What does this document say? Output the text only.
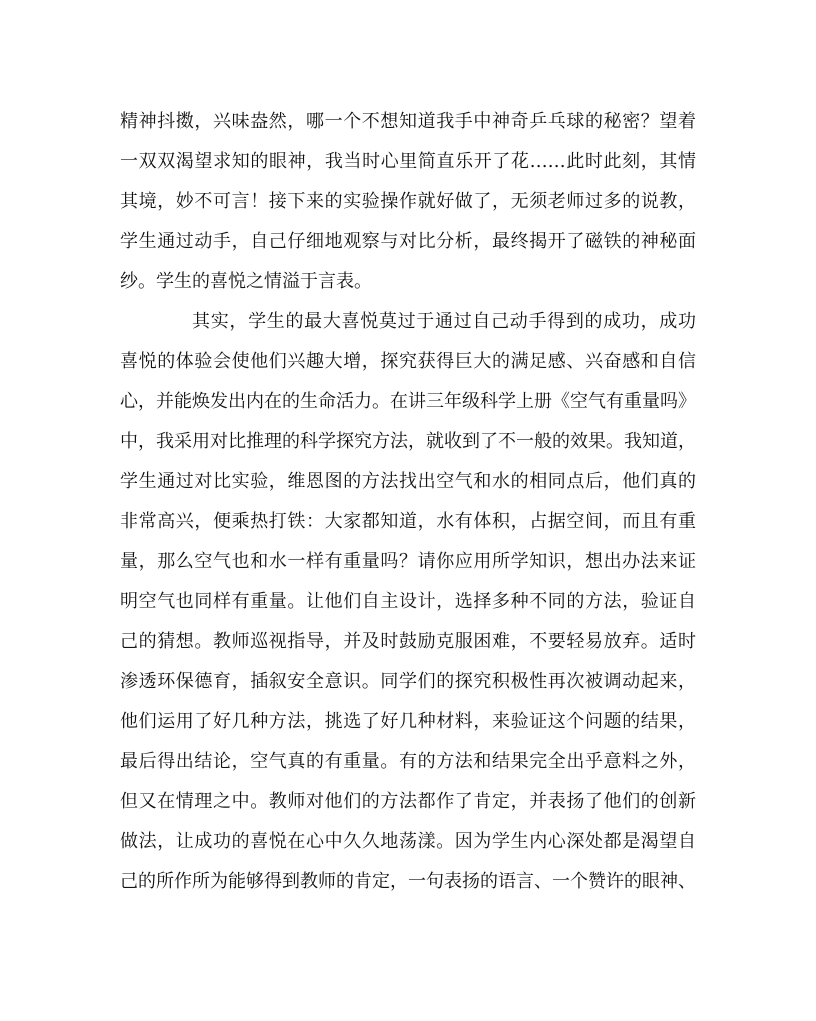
精神抖擞，兴味盎然，哪一个不想知道我手中神奇乒乓球的秘密？望着
一双双渴望求知的眼神，我当时心里简直乐开了花……此时此刻，其情
其境，妙不可言！接下来的实验操作就好做了，无须老师过多的说教，
学生通过动手，自己仔细地观察与对比分析，最终揭开了磁铁的神秘面
纱。学生的喜悦之情溢于言表。
其实，学生的最大喜悦莫过于通过自己动手得到的成功，成功
喜悦的体验会使他们兴趣大增，探究获得巨大的满足感、兴奋感和自信
心，并能焕发出内在的生命活力。在讲三年级科学上册《空气有重量吗》
中，我采用对比推理的科学探究方法，就收到了不一般的效果。我知道，
学生通过对比实验，维恩图的方法找出空气和水的相同点后，他们真的
非常高兴，便乘热打铁：大家都知道，水有体积，占据空间，而且有重
量，那么空气也和水一样有重量吗？请你应用所学知识，想出办法来证
明空气也同样有重量。让他们自主设计，选择多种不同的方法，验证自
己的猜想。教师巡视指导，并及时鼓励克服困难，不要轻易放弃。适时
渗透环保德育，插叙安全意识。同学们的探究积极性再次被调动起来，
他们运用了好几种方法，挑选了好几种材料，来验证这个问题的结果，
最后得出结论，空气真的有重量。有的方法和结果完全出乎意料之外，
但又在情理之中。教师对他们的方法都作了肯定，并表扬了他们的创新
做法，让成功的喜悦在心中久久地荡漾。因为学生内心深处都是渴望自
己的所作所为能够得到教师的肯定，一句表扬的语言、一个赞许的眼神、
